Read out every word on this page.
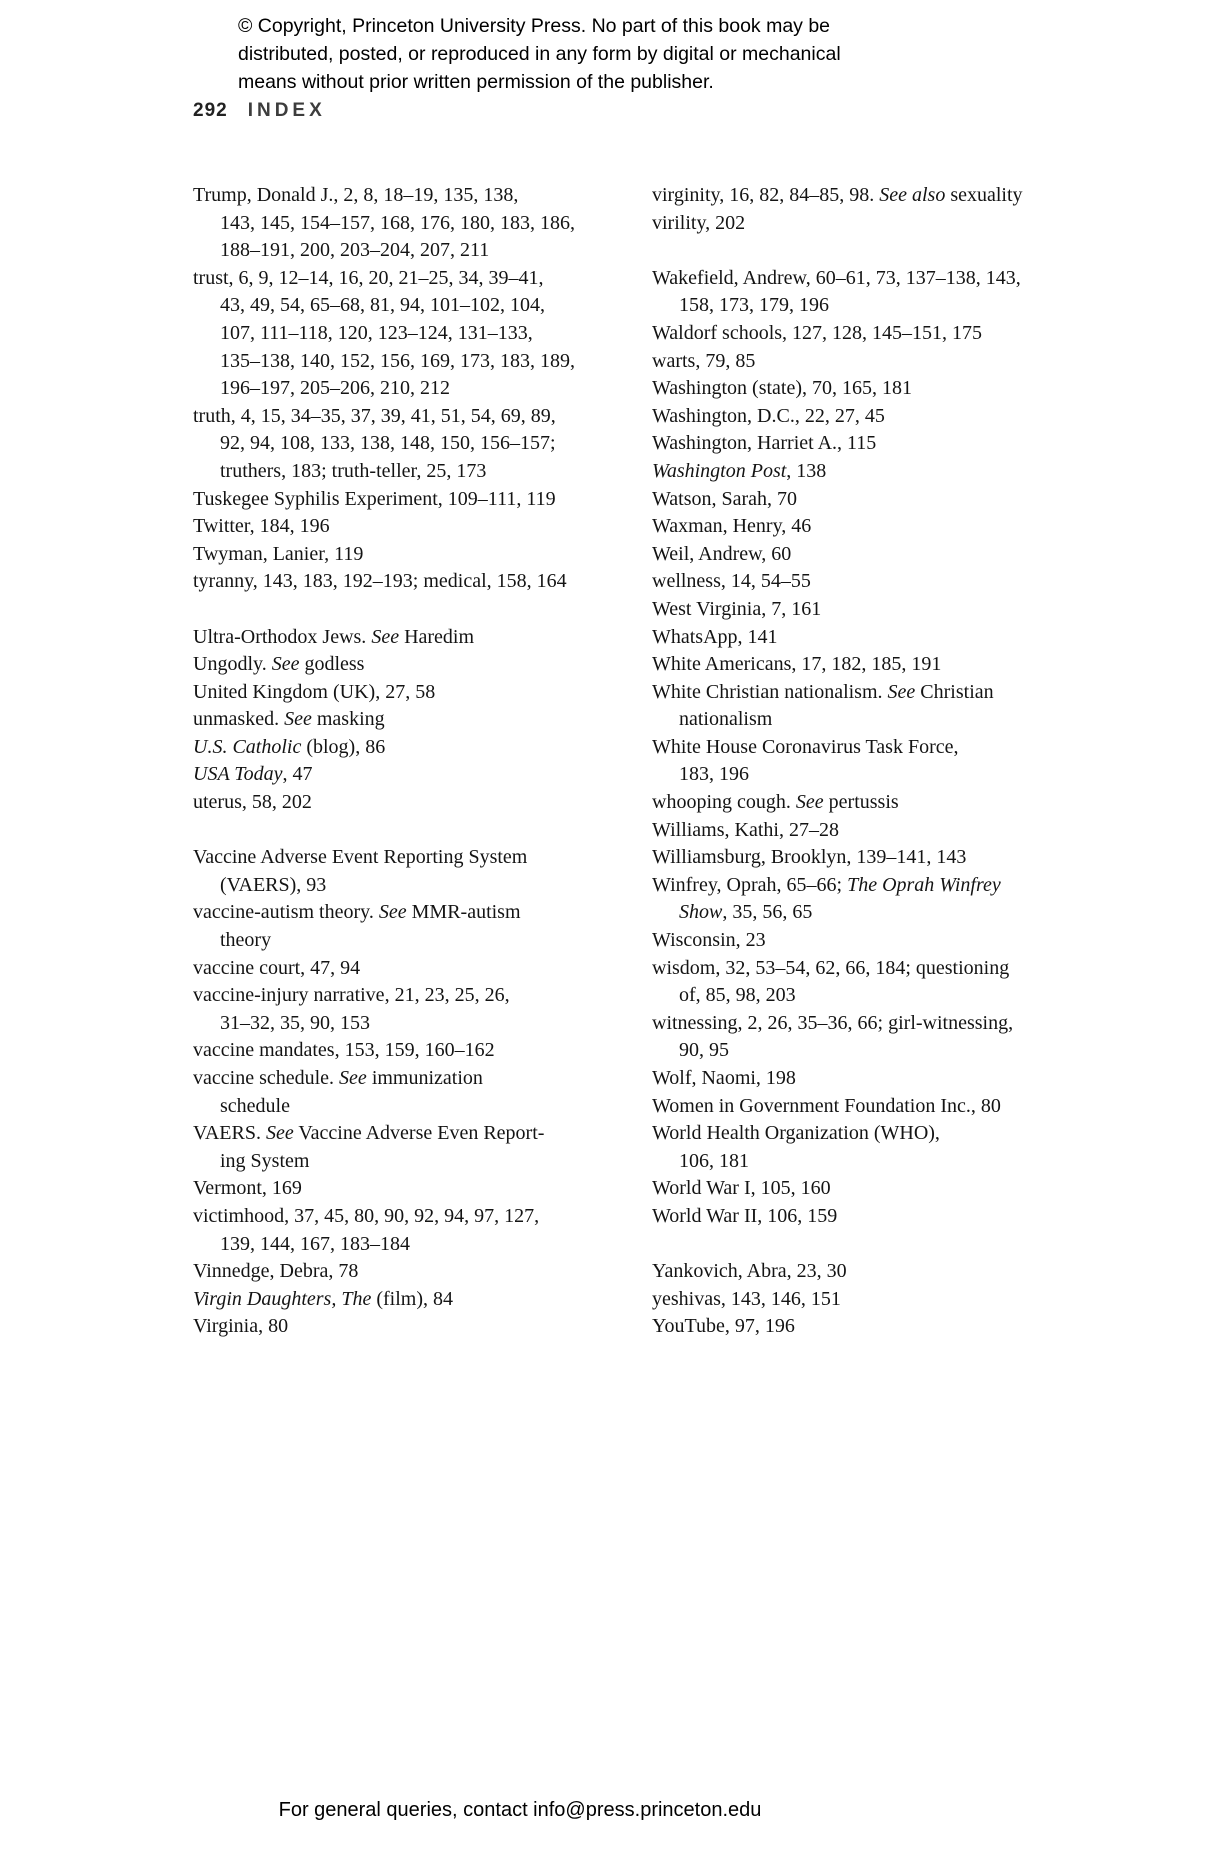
© Copyright, Princeton University Press. No part of this book may be
distributed, posted, or reproduced in any form by digital or mechanical
means without prior written permission of the publisher.
292 INDEX
Trump, Donald J., 2, 8, 18–19, 135, 138,
143, 145, 154–157, 168, 176, 180, 183, 186,
188–191, 200, 203–204, 207, 211
trust, 6, 9, 12–14, 16, 20, 21–25, 34, 39–41,
43, 49, 54, 65–68, 81, 94, 101–102, 104,
107, 111–118, 120, 123–124, 131–133,
135–138, 140, 152, 156, 169, 173, 183, 189,
196–197, 205–206, 210, 212
truth, 4, 15, 34–35, 37, 39, 41, 51, 54, 69, 89,
92, 94, 108, 133, 138, 148, 150, 156–157;
truthers, 183; truth-teller, 25, 173
Tuskegee Syphilis Experiment, 109–111, 119
Twitter, 184, 196
Twyman, Lanier, 119
tyranny, 143, 183, 192–193; medical, 158, 164
Ultra-Orthodox Jews. See Haredim
Ungodly. See godless
United Kingdom (UK), 27, 58
unmasked. See masking
U.S. Catholic (blog), 86
USA Today, 47
uterus, 58, 202
Vaccine Adverse Event Reporting System
(VAERS), 93
vaccine-autism theory. See MMR-autism
theory
vaccine court, 47, 94
vaccine-injury narrative, 21, 23, 25, 26,
31–32, 35, 90, 153
vaccine mandates, 153, 159, 160–162
vaccine schedule. See immunization
schedule
VAERS. See Vaccine Adverse Even Report-
ing System
Vermont, 169
victimhood, 37, 45, 80, 90, 92, 94, 97, 127,
139, 144, 167, 183–184
Vinnedge, Debra, 78
Virgin Daughters, The (film), 84
Virginia, 80
virginity, 16, 82, 84–85, 98. See also sexuality
virility, 202
Wakefield, Andrew, 60–61, 73, 137–138, 143,
158, 173, 179, 196
Waldorf schools, 127, 128, 145–151, 175
warts, 79, 85
Washington (state), 70, 165, 181
Washington, D.C., 22, 27, 45
Washington, Harriet A., 115
Washington Post, 138
Watson, Sarah, 70
Waxman, Henry, 46
Weil, Andrew, 60
wellness, 14, 54–55
West Virginia, 7, 161
WhatsApp, 141
White Americans, 17, 182, 185, 191
White Christian nationalism. See Christian
nationalism
White House Coronavirus Task Force,
183, 196
whooping cough. See pertussis
Williams, Kathi, 27–28
Williamsburg, Brooklyn, 139–141, 143
Winfrey, Oprah, 65–66; The Oprah Winfrey
Show, 35, 56, 65
Wisconsin, 23
wisdom, 32, 53–54, 62, 66, 184; questioning
of, 85, 98, 203
witnessing, 2, 26, 35–36, 66; girl-witnessing,
90, 95
Wolf, Naomi, 198
Women in Government Foundation Inc., 80
World Health Organization (WHO),
106, 181
World War I, 105, 160
World War II, 106, 159
Yankovich, Abra, 23, 30
yeshivas, 143, 146, 151
YouTube, 97, 196
For general queries, contact info@press.princeton.edu
